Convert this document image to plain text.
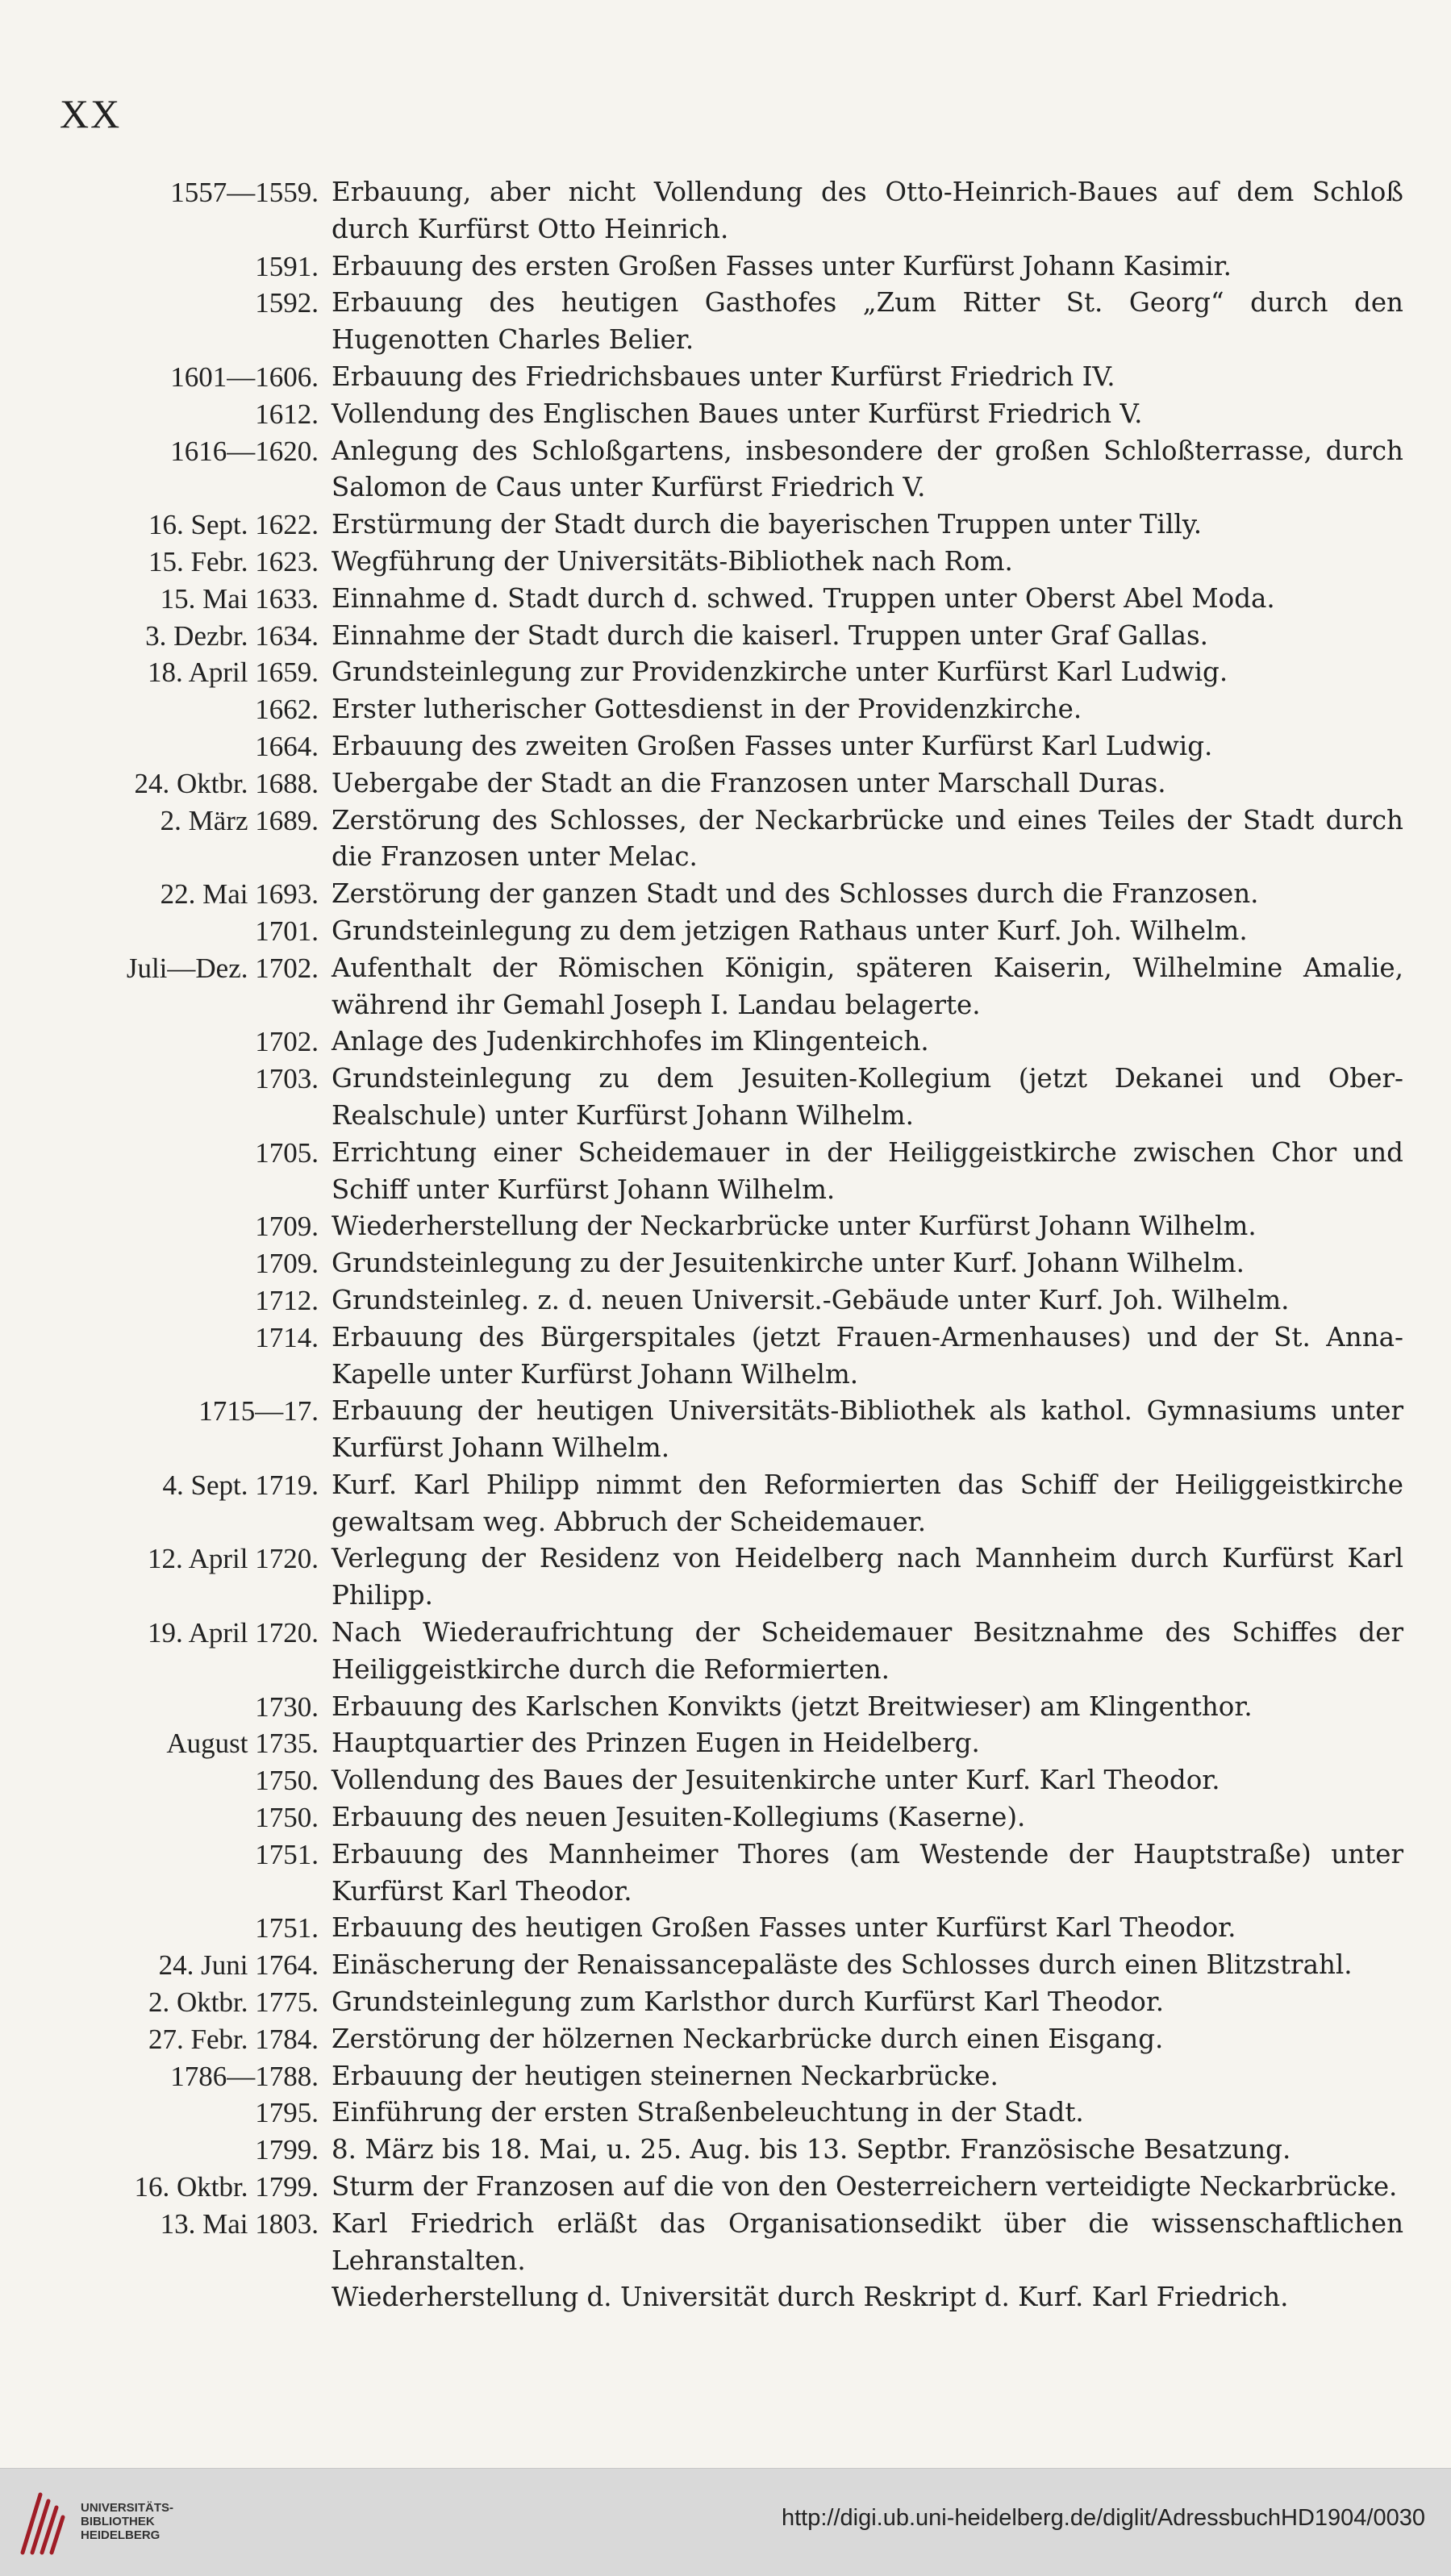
XX
1557—1559. Erbauung, aber nicht Vollendung des Otto-Heinrich-Baues auf dem Schloß durch Kurfürst Otto Heinrich.
1591. Erbauung des ersten Großen Fasses unter Kurfürst Johann Kasimir.
1592. Erbauung des heutigen Gasthofes „Zum Ritter St. Georg“ durch den Hugenotten Charles Belier.
1601—1606. Erbauung des Friedrichsbaues unter Kurfürst Friedrich IV.
1612. Vollendung des Englischen Baues unter Kurfürst Friedrich V.
1616—1620. Anlegung des Schloßgartens, insbesondere der großen Schloßterrasse, durch Salomon de Caus unter Kurfürst Friedrich V.
16. Sept. 1622. Erstürmung der Stadt durch die bayerischen Truppen unter Tilly.
15. Febr. 1623. Wegführung der Universitäts-Bibliothek nach Rom.
15. Mai 1633. Einnahme d. Stadt durch d. schwed. Truppen unter Oberst Abel Moda.
3. Dezbr. 1634. Einnahme der Stadt durch die kaiserl. Truppen unter Graf Gallas.
18. April 1659. Grundsteinlegung zur Providenzkirche unter Kurfürst Karl Ludwig.
1662. Erster lutherischer Gottesdienst in der Providenzkirche.
1664. Erbauung des zweiten Großen Fasses unter Kurfürst Karl Ludwig.
24. Oktbr. 1688. Uebergabe der Stadt an die Franzosen unter Marschall Duras.
2. März 1689. Zerstörung des Schlosses, der Neckarbrücke und eines Teiles der Stadt durch die Franzosen unter Melac.
22. Mai 1693. Zerstörung der ganzen Stadt und des Schlosses durch die Franzosen.
1701. Grundsteinlegung zu dem jetzigen Rathaus unter Kurf. Joh. Wilhelm.
Juli—Dez. 1702. Aufenthalt der Römischen Königin, späteren Kaiserin, Wilhelmine Amalie, während ihr Gemahl Joseph I. Landau belagerte.
1702. Anlage des Judenkirchhofes im Klingenteich.
1703. Grundsteinlegung zu dem Jesuiten-Kollegium (jetzt Dekanei und Ober-Realschule) unter Kurfürst Johann Wilhelm.
1705. Errichtung einer Scheidemauer in der Heiliggeistkirche zwischen Chor und Schiff unter Kurfürst Johann Wilhelm.
1709. Wiederherstellung der Neckarbrücke unter Kurfürst Johann Wilhelm.
1709. Grundsteinlegung zu der Jesuitenkirche unter Kurf. Johann Wilhelm.
1712. Grundsteinleg. z. d. neuen Universit.-Gebäude unter Kurf. Joh. Wilhelm.
1714. Erbauung des Bürgerspitales (jetzt Frauen-Armenhauses) und der St. Anna-Kapelle unter Kurfürst Johann Wilhelm.
1715—17. Erbauung der heutigen Universitäts-Bibliothek als kathol. Gymnasiums unter Kurfürst Johann Wilhelm.
4. Sept. 1719. Kurf. Karl Philipp nimmt den Reformierten das Schiff der Heiliggeistkirche gewaltsam weg. Abbruch der Scheidemauer.
12. April 1720. Verlegung der Residenz von Heidelberg nach Mannheim durch Kurfürst Karl Philipp.
19. April 1720. Nach Wiederaufrichtung der Scheidemauer Besitznahme des Schiffes der Heiliggeistkirche durch die Reformierten.
1730. Erbauung des Karlschen Konvikts (jetzt Breitwieser) am Klingenthor.
August 1735. Hauptquartier des Prinzen Eugen in Heidelberg.
1750. Vollendung des Baues der Jesuitenkirche unter Kurf. Karl Theodor.
1750. Erbauung des neuen Jesuiten-Kollegiums (Kaserne).
1751. Erbauung des Mannheimer Thores (am Westende der Hauptstraße) unter Kurfürst Karl Theodor.
1751. Erbauung des heutigen Großen Fasses unter Kurfürst Karl Theodor.
24. Juni 1764. Einäscherung der Renaissancepaläste des Schlosses durch einen Blitzstrahl.
2. Oktbr. 1775. Grundsteinlegung zum Karlsthor durch Kurfürst Karl Theodor.
27. Febr. 1784. Zerstörung der hölzernen Neckarbrücke durch einen Eisgang.
1786—1788. Erbauung der heutigen steinernen Neckarbrücke.
1795. Einführung der ersten Straßenbeleuchtung in der Stadt.
1799. 8. März bis 18. Mai, u. 25. Aug. bis 13. Septbr. Französische Besatzung.
16. Oktbr. 1799. Sturm der Franzosen auf die von den Oesterreichern verteidigte Neckarbrücke.
13. Mai 1803. Karl Friedrich erläßt das Organisationsedikt über die wissenschaftlichen Lehranstalten.
Wiederherstellung d. Universität durch Reskript d. Kurf. Karl Friedrich.
UNIVERSITÄTS-
BIBLIOTHEK
HEIDELBERG
http://digi.ub.uni-heidelberg.de/diglit/AdressbuchHD1904/0030
